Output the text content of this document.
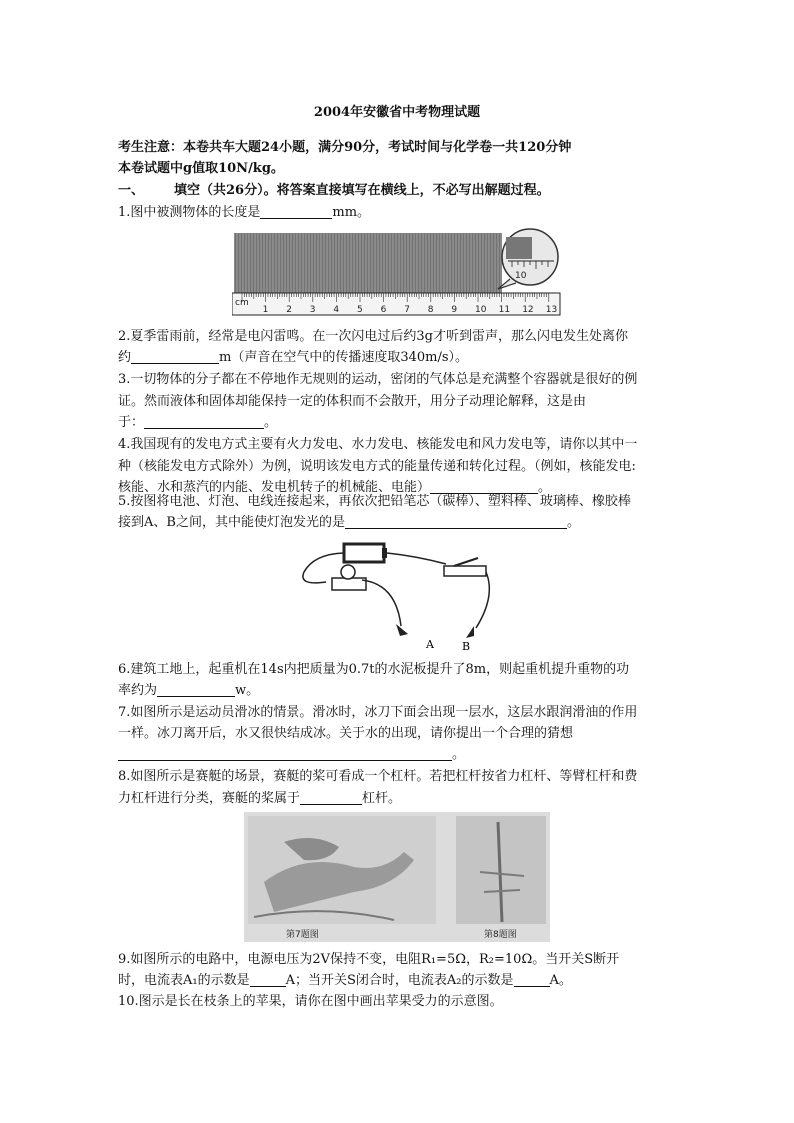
2004年安徽省中考物理试题
考生注意：本卷共车大题24小题，满分90分，考试时间与化学卷一共120分钟
本卷试题中g值取10N/kg。
一、 填空（共26分）。将答案直接填写在横线上，不必写出解题过程。
1.图中被测物体的长度是	mm。
10
1 2 3 4 5 6 7 8 9 10 11 12 13
cm
2.夏季雷雨前，经常是电闪雷鸣。在一次闪电过后约3g才听到雷声，那么闪电发生处离你
约	m（声音在空气中的传播速度取340m/s）。
3.一切物体的分子都在不停地作无规则的运动，密闭的气体总是充满整个容器就是很好的例
证。然而液体和固体却能保持一定的体积而不会散开，用分子动理论解释，这是由
于：	。
4.我国现有的发电方式主要有火力发电、水力发电、核能发电和风力发电等，请你以其中一
种（核能发电方式除外）为例，说明该发电方式的能量传递和转化过程。（例如，核能发电:
核能、水和蒸汽的内能、发电机转子的机械能、电能）	。
5.按图将电池、灯泡、电线连接起来，再依次把铅笔芯（碳棒）、塑料棒、玻璃棒、橡胶棒
接到A、B之间，其中能使灯泡发光的是	。
A	B
6.建筑工地上，起重机在14s内把质量为0.7t的水泥板提升了8m，则起重机提升重物的功
率约为	w。
7.如图所示是运动员滑冰的情景。滑冰时，冰刀下面会出现一层水，这层水跟润滑油的作用
一样。冰刀离开后，水又很快结成冰。关于水的出现，请你提出一个合理的猜想
。
8.如图所示是赛艇的场景，赛艇的桨可看成一个杠杆。若把杠杆按省力杠杆、等臂杠杆和费
力杠杆进行分类，赛艇的桨属于	杠杆。
第7题图	第8题图
9.如图所示的电路中，电源电压为2V保持不变，电阻R₁=5Ω，R₂=10Ω。当开关S断开
时，电流表A₁的示数是	A；当开关S闭合时，电流表A₂的示数是	A。
10.图示是长在枝条上的苹果，请你在图中画出苹果受力的示意图。
